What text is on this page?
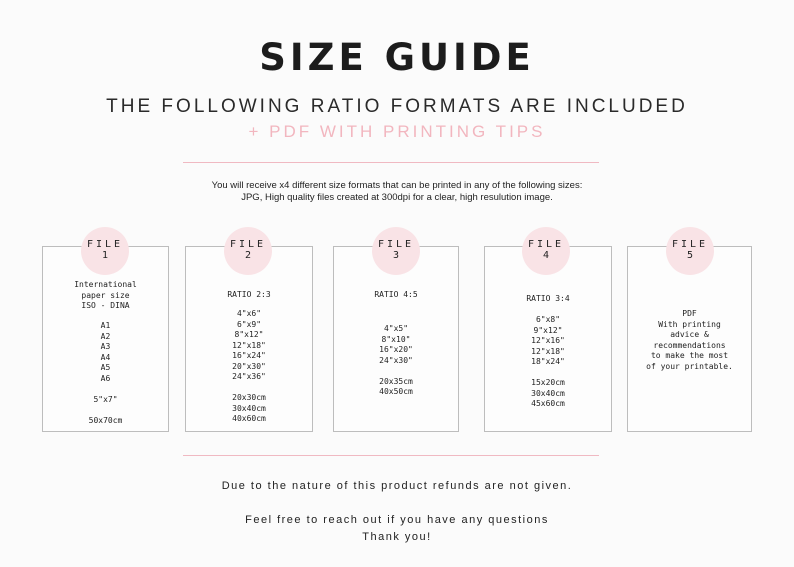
SIZE GUIDE
THE FOLLOWING RATIO FORMATS ARE INCLUDED
+ PDF WITH PRINTING TIPS
You will receive x4 different size formats that can be printed in any of the following sizes:
JPG, High quality files created at 300dpi for a clear, high resulution image.
International
paper size
ISO - DINA
A1
A2
A3
A4
A5
A6

5"x7"

50x70cm
FILE
1
RATIO 2:3
4"x6"
6"x9"
8"x12"
12"x18"
16"x24"
20"x30"
24"x36"

20x30cm
30x40cm
40x60cm
FILE
2
RATIO 4:5
4"x5"
8"x10"
16"x20"
24"x30"

20x35cm
40x50cm
FILE
3
RATIO 3:4
6"x8"
9"x12"
12"x16"
12"x18"
18"x24"

15x20cm
30x40cm
45x60cm
FILE
4
PDF
With printing
advice &
recommendations
to make the most
of your printable.
FILE
5
Due to the nature of this product refunds are not given.
Feel free to reach out if you have any questions
Thank you!
